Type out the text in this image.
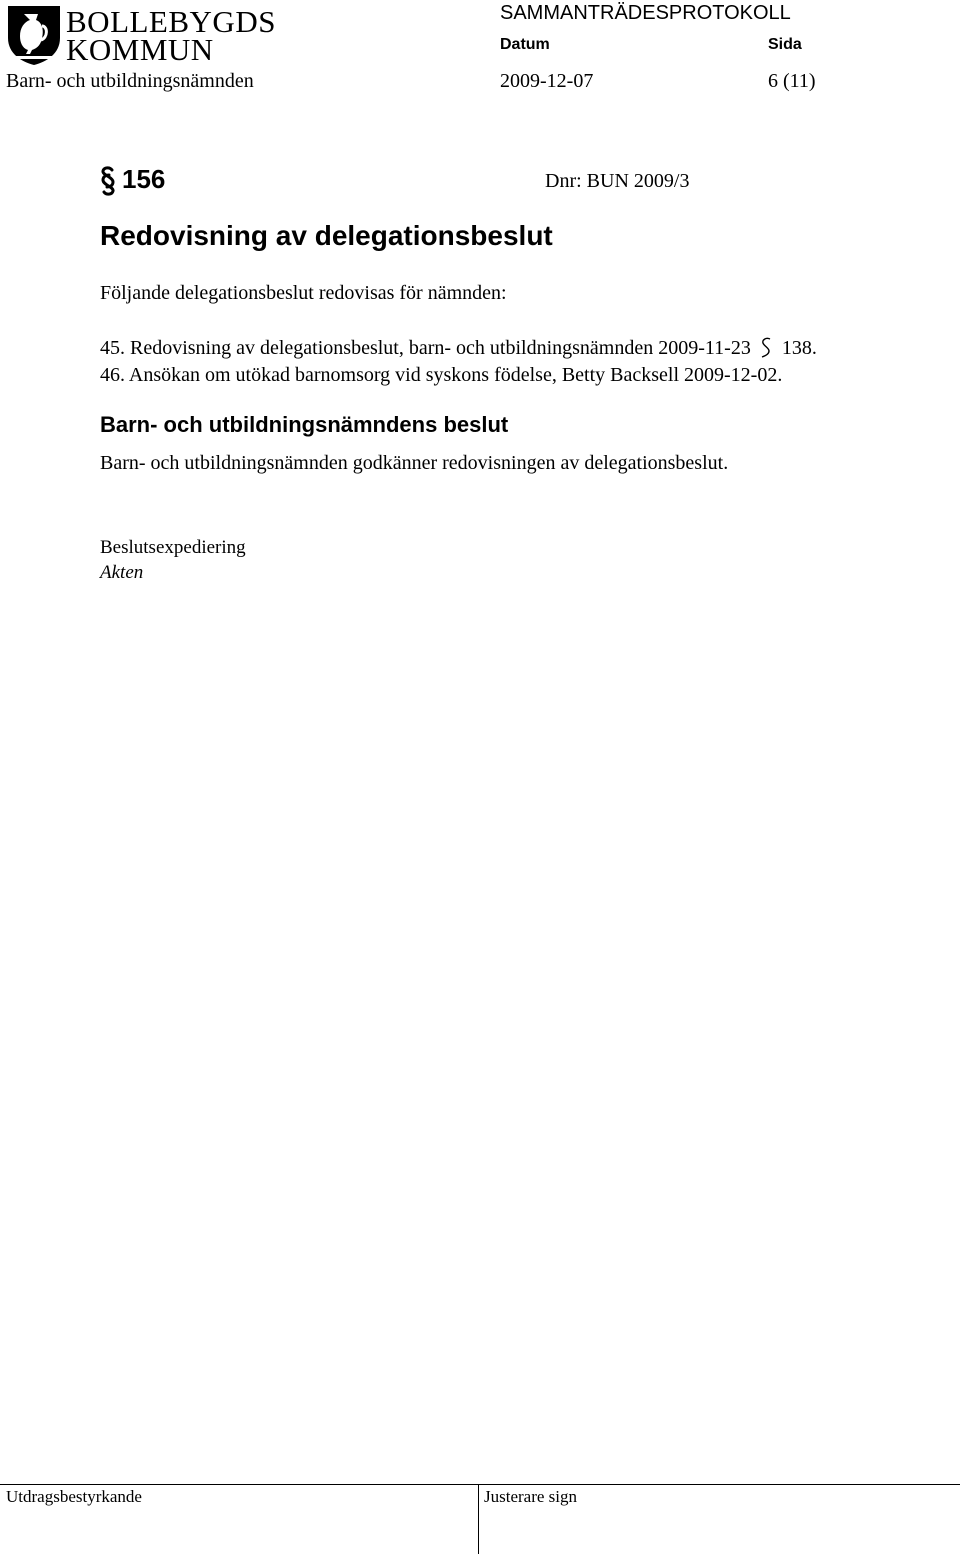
BOLLEBYGDS
KOMMUN
SAMMANTRÄDESPROTOKOLL
Datum	Sida
Barn- och utbildningsnämnden	2009-12-07	6 (11)
156	Dnr: BUN 2009/3
Redovisning av delegationsbeslut
Följande delegationsbeslut redovisas för nämnden:
45. Redovisning av delegationsbeslut, barn- och utbildningsnämnden 2009-11-23 138.
46. Ansökan om utökad barnomsorg vid syskons födelse, Betty Backsell 2009-12-02.
Barn- och utbildningsnämndens beslut
Barn- och utbildningsnämnden godkänner redovisningen av delegationsbeslut.
Beslutsexpediering
Akten
Utdragsbestyrkande	Justerare sign
